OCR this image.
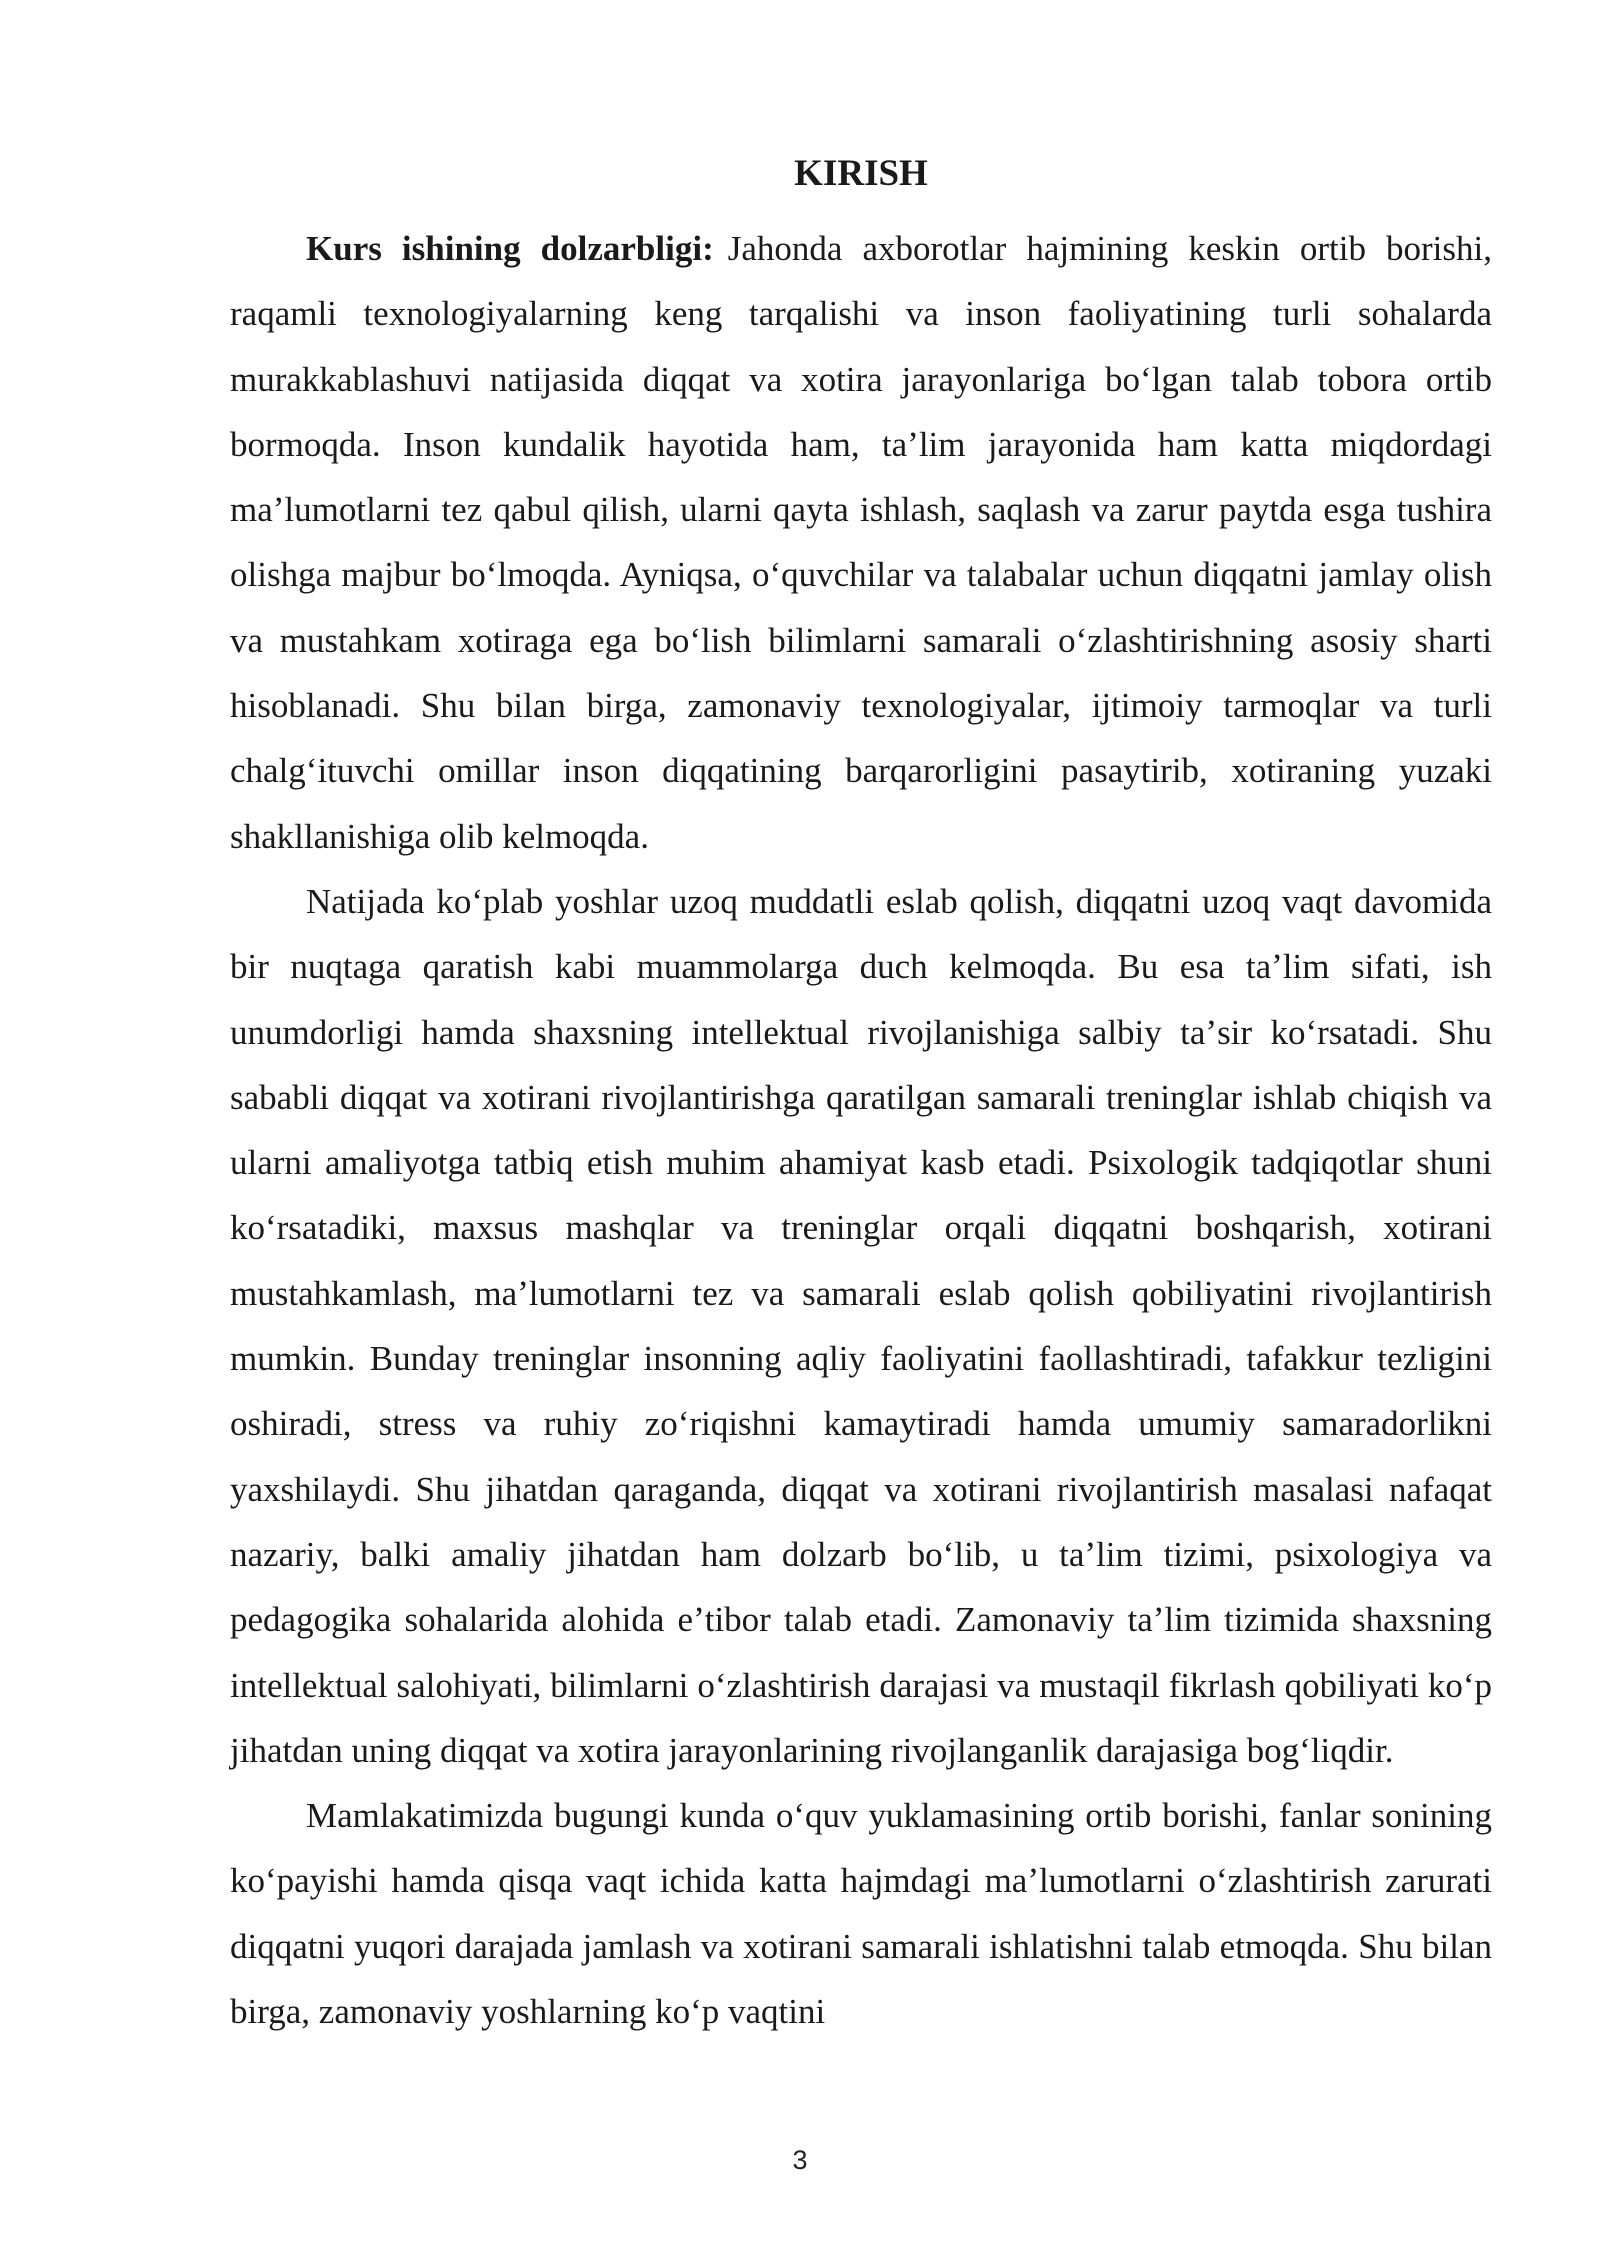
KIRISH

Kurs ishining dolzarbligi: Jahonda axborotlar hajmining keskin ortib borishi, raqamli texnologiyalarning keng tarqalishi va inson faoliyatining turli sohalarda murakkablashuvi natijasida diqqat va xotira jarayonlariga boʻlgan talab tobora ortib bormoqda. Inson kundalik hayotida ham, taʼlim jarayonida ham katta miqdordagi maʼlumotlarni tez qabul qilish, ularni qayta ishlash, saqlash va zarur paytda esga tushira olishga majbur boʻlmoqda. Ayniqsa, oʻquvchilar va talabalar uchun diqqatni jamlay olish va mustahkam xotiraga ega boʻlish bilimlarni samarali oʻzlashtirishning asosiy sharti hisoblanadi. Shu bilan birga, zamonaviy texnologiyalar, ijtimoiy tarmoqlar va turli chalgʻituvchi omillar inson diqqatining barqarorligini pasaytirib, xotiraning yuzaki shakllanishiga olib kelmoqda.

Natijada koʻplab yoshlar uzoq muddatli eslab qolish, diqqatni uzoq vaqt davomida bir nuqtaga qaratish kabi muammolarga duch kelmoqda. Bu esa taʼlim sifati, ish unumdorligi hamda shaxsning intellektual rivojlanishiga salbiy taʼsir koʻrsatadi. Shu sababli diqqat va xotirani rivojlantirishga qaratilgan samarali treninglar ishlab chiqish va ularni amaliyotga tatbiq etish muhim ahamiyat kasb etadi. Psixologik tadqiqotlar shuni koʻrsatadiki, maxsus mashqlar va treninglar orqali diqqatni boshqarish, xotirani mustahkamlash, maʼlumotlarni tez va samarali eslab qolish qobiliyatini rivojlantirish mumkin. Bunday treninglar insonning aqliy faoliyatini faollashtiradi, tafakkur tezligini oshiradi, stress va ruhiy zoʻriqishni kamaytiradi hamda umumiy samaradorlikni yaxshilaydi. Shu jihatdan qaraganda, diqqat va xotirani rivojlantirish masalasi nafaqat nazariy, balki amaliy jihatdan ham dolzarb boʻlib, u taʼlim tizimi, psixologiya va pedagogika sohalarida alohida eʼtibor talab etadi. Zamonaviy taʼlim tizimida shaxsning intellektual salohiyati, bilimlarni oʻzlashtirish darajasi va mustaqil fikrlash qobiliyati koʻp jihatdan uning diqqat va xotira jarayonlarining rivojlanganlik darajasiga bogʻliqdir.

Mamlakatimizda bugungi kunda oʻquv yuklamasining ortib borishi, fanlar sonining koʻpayishi hamda qisqa vaqt ichida katta hajmdagi maʼlumotlarni oʻzlashtirish zarurati diqqatni yuqori darajada jamlash va xotirani samarali ishlatishni talab etmoqda. Shu bilan birga, zamonaviy yoshlarning koʻp vaqtini

3
